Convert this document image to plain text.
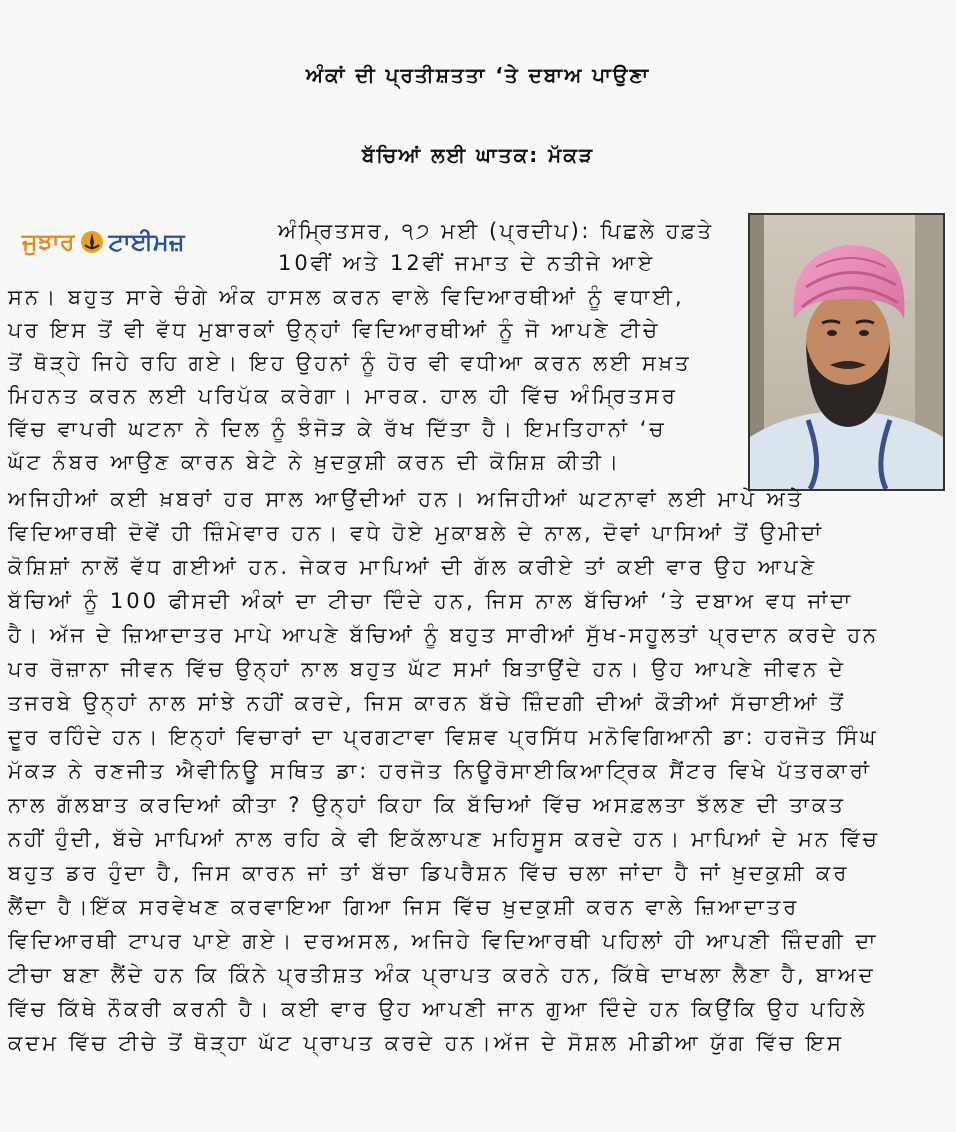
ਅੰਕਾਂ ਦੀ ਪ੍ਰਤੀਸ਼ਤਤਾ ‘ਤੇ ਦਬਾਅ ਪਾਉਣਾ
ਬੱਚਿਆਂ ਲਈ ਘਾਤਕ: ਮੱਕੜ
ਜੁਝਾਰ ਟਾਈਮਜ਼	ਅੰਮ੍ਰਿਤਸਰ, ੧੭ ਮਈ (ਪ੍ਰਦੀਪ): ਪਿਛਲੇ ਹਫ਼ਤੇ
10ਵੀਂ ਅਤੇ 12ਵੀਂ ਜਮਾਤ ਦੇ ਨਤੀਜੇ ਆਏ
ਸਨ। ਬਹੁਤ ਸਾਰੇ ਚੰਗੇ ਅੰਕ ਹਾਸਲ ਕਰਨ ਵਾਲੇ ਵਿਦਿਆਰਥੀਆਂ ਨੂੰ ਵਧਾਈ,
ਪਰ ਇਸ ਤੋਂ ਵੀ ਵੱਧ ਮੁਬਾਰਕਾਂ ਉਨ੍ਹਾਂ ਵਿਦਿਆਰਥੀਆਂ ਨੂੰ ਜੋ ਆਪਣੇ ਟੀਚੇ
ਤੋਂ ਥੋੜ੍ਹੇ ਜਿਹੇ ਰਹਿ ਗਏ। ਇਹ ਉਹਨਾਂ ਨੂੰ ਹੋਰ ਵੀ ਵਧੀਆ ਕਰਨ ਲਈ ਸਖ਼ਤ
ਮਿਹਨਤ ਕਰਨ ਲਈ ਪਰਿਪੱਕ ਕਰੇਗਾ। ਮਾਰਕ. ਹਾਲ ਹੀ ਵਿੱਚ ਅੰਮ੍ਰਿਤਸਰ
ਵਿੱਚ ਵਾਪਰੀ ਘਟਨਾ ਨੇ ਦਿਲ ਨੂੰ ਝੰਜੋੜ ਕੇ ਰੱਖ ਦਿੱਤਾ ਹੈ। ਇਮਤਿਹਾਨਾਂ ‘ਚ
ਘੱਟ ਨੰਬਰ ਆਉਣ ਕਾਰਨ ਬੇਟੇ ਨੇ ਖ਼ੁਦਕੁਸ਼ੀ ਕਰਨ ਦੀ ਕੋਸ਼ਿਸ਼ ਕੀਤੀ।
ਅਜਿਹੀਆਂ ਕਈ ਖ਼ਬਰਾਂ ਹਰ ਸਾਲ ਆਉਂਦੀਆਂ ਹਨ। ਅਜਿਹੀਆਂ ਘਟਨਾਵਾਂ ਲਈ ਮਾਪੇ ਅਤੇ
ਵਿਦਿਆਰਥੀ ਦੋਵੇਂ ਹੀ ਜ਼ਿੰਮੇਵਾਰ ਹਨ। ਵਧੇ ਹੋਏ ਮੁਕਾਬਲੇ ਦੇ ਨਾਲ, ਦੋਵਾਂ ਪਾਸਿਆਂ ਤੋਂ ਉਮੀਦਾਂ
ਕੋਸ਼ਿਸ਼ਾਂ ਨਾਲੋਂ ਵੱਧ ਗਈਆਂ ਹਨ. ਜੇਕਰ ਮਾਪਿਆਂ ਦੀ ਗੱਲ ਕਰੀਏ ਤਾਂ ਕਈ ਵਾਰ ਉਹ ਆਪਣੇ
ਬੱਚਿਆਂ ਨੂੰ 100 ਫੀਸਦੀ ਅੰਕਾਂ ਦਾ ਟੀਚਾ ਦਿੰਦੇ ਹਨ, ਜਿਸ ਨਾਲ ਬੱਚਿਆਂ ‘ਤੇ ਦਬਾਅ ਵਧ ਜਾਂਦਾ
ਹੈ। ਅੱਜ ਦੇ ਜ਼ਿਆਦਾਤਰ ਮਾਪੇ ਆਪਣੇ ਬੱਚਿਆਂ ਨੂੰ ਬਹੁਤ ਸਾਰੀਆਂ ਸੁੱਖ-ਸਹੂਲਤਾਂ ਪ੍ਰਦਾਨ ਕਰਦੇ ਹਨ
ਪਰ ਰੋਜ਼ਾਨਾ ਜੀਵਨ ਵਿੱਚ ਉਨ੍ਹਾਂ ਨਾਲ ਬਹੁਤ ਘੱਟ ਸਮਾਂ ਬਿਤਾਉਂਦੇ ਹਨ। ਉਹ ਆਪਣੇ ਜੀਵਨ ਦੇ
ਤਜਰਬੇ ਉਨ੍ਹਾਂ ਨਾਲ ਸਾਂਝੇ ਨਹੀਂ ਕਰਦੇ, ਜਿਸ ਕਾਰਨ ਬੱਚੇ ਜ਼ਿੰਦਗੀ ਦੀਆਂ ਕੌੜੀਆਂ ਸੱਚਾਈਆਂ ਤੋਂ
ਦੂਰ ਰਹਿੰਦੇ ਹਨ। ਇਨ੍ਹਾਂ ਵਿਚਾਰਾਂ ਦਾ ਪ੍ਰਗਟਾਵਾ ਵਿਸ਼ਵ ਪ੍ਰਸਿੱਧ ਮਨੋਵਿਗਿਆਨੀ ਡਾ: ਹਰਜੋਤ ਸਿੰਘ
ਮੱਕੜ ਨੇ ਰਣਜੀਤ ਐਵੀਨਿਊ ਸਥਿਤ ਡਾ: ਹਰਜੋਤ ਨਿਊਰੋਸਾਈਕਿਆਟ੍ਰਿਕ ਸੈਂਟਰ ਵਿਖੇ ਪੱਤਰਕਾਰਾਂ
ਨਾਲ ਗੱਲਬਾਤ ਕਰਦਿਆਂ ਕੀਤਾ ? ਉਨ੍ਹਾਂ ਕਿਹਾ ਕਿ ਬੱਚਿਆਂ ਵਿੱਚ ਅਸਫ਼ਲਤਾ ਝੱਲਣ ਦੀ ਤਾਕਤ
ਨਹੀਂ ਹੁੰਦੀ, ਬੱਚੇ ਮਾਪਿਆਂ ਨਾਲ ਰਹਿ ਕੇ ਵੀ ਇਕੱਲਾਪਣ ਮਹਿਸੂਸ ਕਰਦੇ ਹਨ। ਮਾਪਿਆਂ ਦੇ ਮਨ ਵਿੱਚ
ਬਹੁਤ ਡਰ ਹੁੰਦਾ ਹੈ, ਜਿਸ ਕਾਰਨ ਜਾਂ ਤਾਂ ਬੱਚਾ ਡਿਪਰੈਸ਼ਨ ਵਿੱਚ ਚਲਾ ਜਾਂਦਾ ਹੈ ਜਾਂ ਖ਼ੁਦਕੁਸ਼ੀ ਕਰ
ਲੈਂਦਾ ਹੈ।ਇੱਕ ਸਰਵੇਖਣ ਕਰਵਾਇਆ ਗਿਆ ਜਿਸ ਵਿੱਚ ਖ਼ੁਦਕੁਸ਼ੀ ਕਰਨ ਵਾਲੇ ਜ਼ਿਆਦਾਤਰ
ਵਿਦਿਆਰਥੀ ਟਾਪਰ ਪਾਏ ਗਏ। ਦਰਅਸਲ, ਅਜਿਹੇ ਵਿਦਿਆਰਥੀ ਪਹਿਲਾਂ ਹੀ ਆਪਣੀ ਜ਼ਿੰਦਗੀ ਦਾ
ਟੀਚਾ ਬਣਾ ਲੈਂਦੇ ਹਨ ਕਿ ਕਿੰਨੇ ਪ੍ਰਤੀਸ਼ਤ ਅੰਕ ਪ੍ਰਾਪਤ ਕਰਨੇ ਹਨ, ਕਿੱਥੇ ਦਾਖਲਾ ਲੈਣਾ ਹੈ, ਬਾਅਦ
ਵਿੱਚ ਕਿੱਥੇ ਨੌਕਰੀ ਕਰਨੀ ਹੈ। ਕਈ ਵਾਰ ਉਹ ਆਪਣੀ ਜਾਨ ਗੁਆ ਦਿੰਦੇ ਹਨ ਕਿਉਂਕਿ ਉਹ ਪਹਿਲੇ
ਕਦਮ ਵਿੱਚ ਟੀਚੇ ਤੋਂ ਥੋੜ੍ਹਾ ਘੱਟ ਪ੍ਰਾਪਤ ਕਰਦੇ ਹਨ।ਅੱਜ ਦੇ ਸੋਸ਼ਲ ਮੀਡੀਆ ਯੁੱਗ ਵਿੱਚ ਇਸ
